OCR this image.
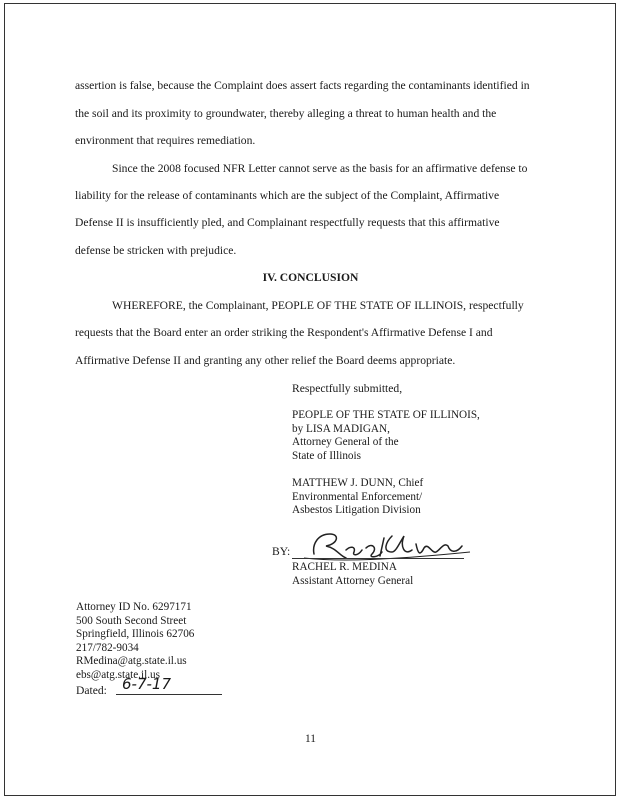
assertion is false, because the Complaint does assert facts regarding the contaminants identified in
the soil and its proximity to groundwater, thereby alleging a threat to human health and the
environment that requires remediation.
Since the 2008 focused NFR Letter cannot serve as the basis for an affirmative defense to
liability for the release of contaminants which are the subject of the Complaint, Affirmative
Defense II is insufficiently pled, and Complainant respectfully requests that this affirmative
defense be stricken with prejudice.
IV. CONCLUSION
WHEREFORE, the Complainant, PEOPLE OF THE STATE OF ILLINOIS, respectfully
requests that the Board enter an order striking the Respondent's Affirmative Defense I and
Affirmative Defense II and granting any other relief the Board deems appropriate.
Respectfully submitted,
PEOPLE OF THE STATE OF ILLINOIS,
by LISA MADIGAN,
Attorney General of the
State of Illinois
MATTHEW J. DUNN, Chief
Environmental Enforcement/
Asbestos Litigation Division
BY:
RACHEL R. MEDINA
Assistant Attorney General
Attorney ID No. 6297171
500 South Second Street
Springfield, Illinois 62706
217/782-9034
RMedina@atg.state.il.us
ebs@atg.state.il.us
Dated: 6-7-17
11
